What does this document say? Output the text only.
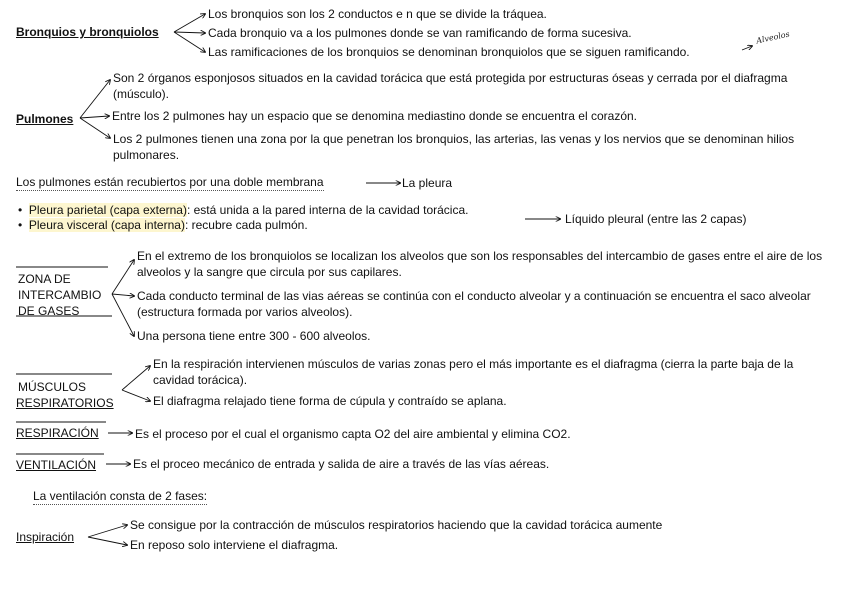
Bronquios y bronquiolos
Los bronquios son los 2 conductos e n que se divide la tráquea.
Cada bronquio va a los pulmones donde se van ramificando de forma sucesiva.
Las ramificaciones de los bronquios se denominan bronquiolos que se siguen ramificando.
Alveolos
Pulmones
Son 2 órganos esponjosos situados en la cavidad torácica que está protegida por estructuras óseas y cerrada por el diafragma (músculo).
Entre los 2 pulmones hay un espacio que se denomina mediastino donde se encuentra el corazón.
Los 2 pulmones tienen una zona por la que penetran los bronquios, las arterias, las venas y los nervios que se denominan hilios pulmonares.
Los pulmones están recubiertos por una doble membrana	La pleura
•  Pleura parietal (capa externa): está unida a la pared interna de la cavidad torácica.
•  Pleura visceral (capa interna): recubre cada pulmón.	Líquido pleural (entre las 2 capas)
ZONA DE
INTERCAMBIO
DE GASES
En el extremo de los bronquiolos se localizan los alveolos que son los responsables del intercambio de gases entre el aire de los alveolos y la sangre que circula por sus capilares.
Cada conducto terminal de las vias aéreas se continúa con el conducto alveolar y a continuación se encuentra el saco alveolar (estructura formada por varios alveolos).
Una persona tiene entre 300 - 600 alveolos.
MÚSCULOS
RESPIRATORIOS
En la respiración intervienen músculos de varias zonas pero el más importante es el diafragma (cierra la parte baja de la cavidad torácica).
El diafragma relajado tiene forma de cúpula y contraído se aplana.
RESPIRACIÓN	Es el proceso por el cual el organismo capta O2 del aire ambiental y elimina CO2.
VENTILACIÓN	Es el proceo mecánico de entrada y salida de aire a través de las vías aéreas.
La ventilación consta de 2 fases:
Inspiración
Se consigue por la contracción de músculos respiratorios haciendo que la cavidad torácica aumente
En reposo solo interviene el diafragma.
